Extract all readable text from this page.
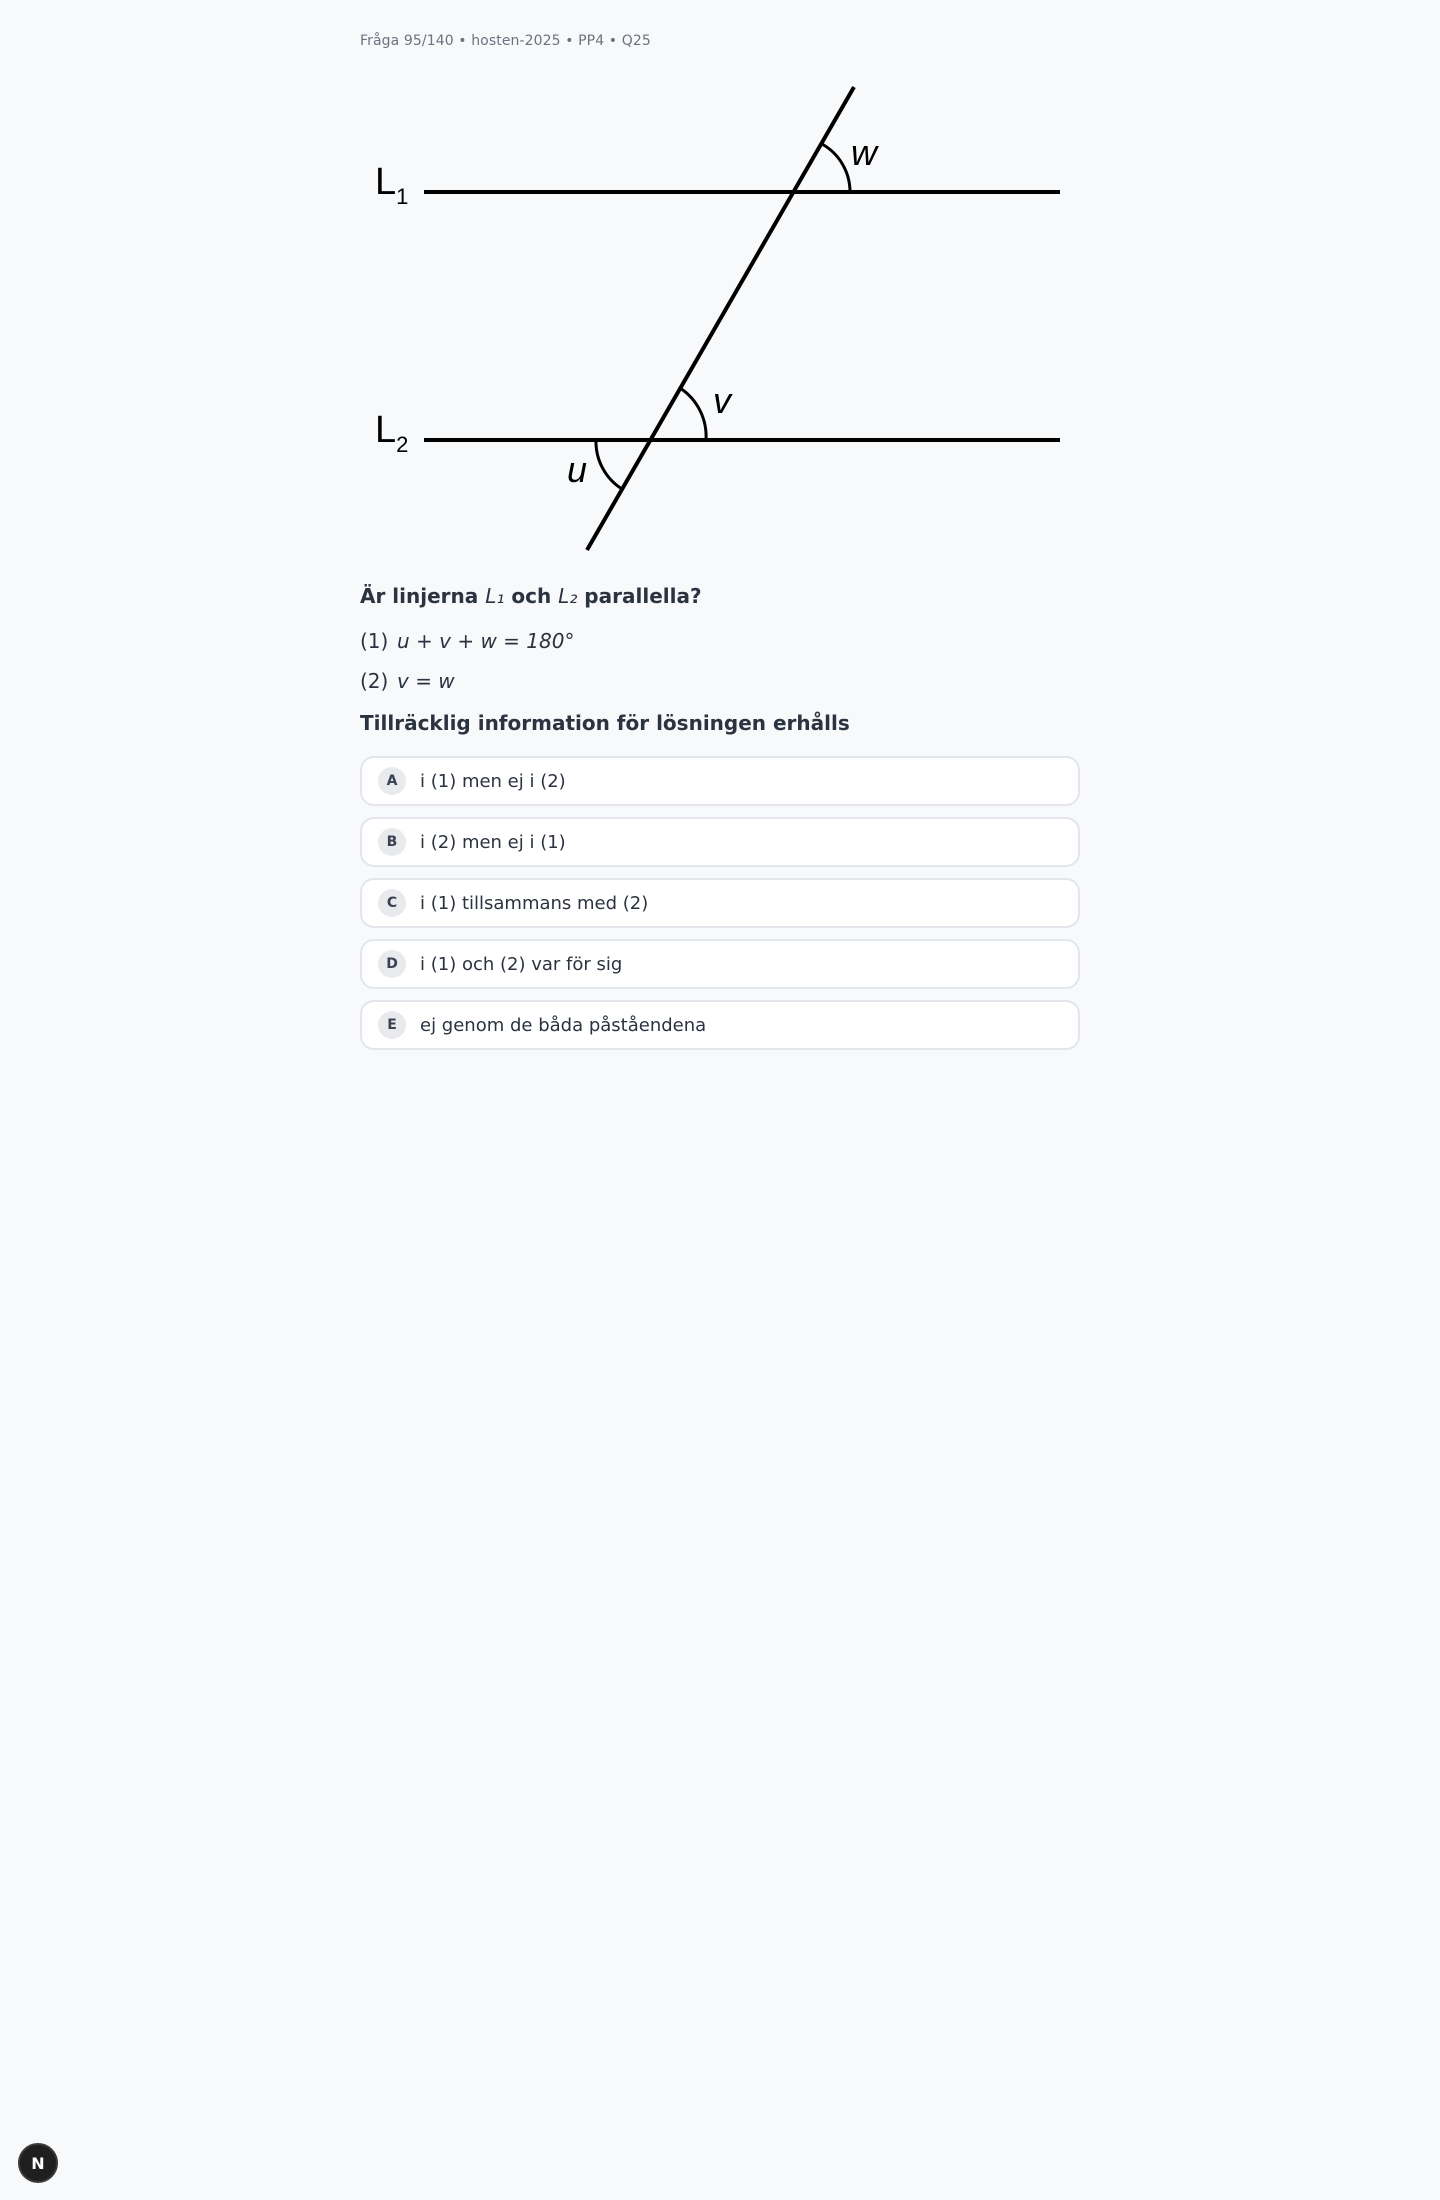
Fråga 95/140 • hosten-2025 • PP4 • Q25
$L_1$
$L_2$
w
v
u
Är linjerna L₁ och L₂ parallella?
(1) u + v + w = 180°
(2) v = w
Tillräcklig information för lösningen erhålls
A	i (1) men ej i (2)
B	i (2) men ej i (1)
C	i (1) tillsammans med (2)
D	i (1) och (2) var för sig
E	ej genom de båda påståendena
N
